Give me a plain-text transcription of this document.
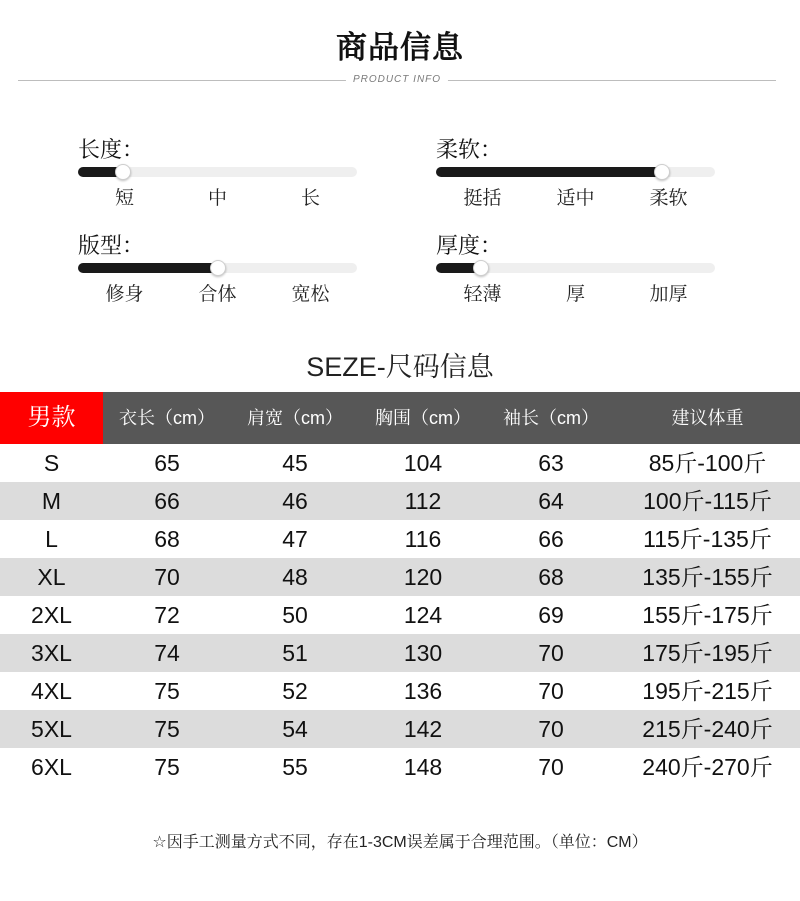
商品信息
PRODUCT INFO
长度：
短	中	长
柔软：
挺括	适中	柔软
版型：
修身	合体	宽松
厚度：
轻薄	厚	加厚
SEZE-尺码信息
男款	衣长（cm）	肩宽（cm）	胸围（cm）	袖长（cm）	建议体重
S	65	45	104	63	85斤-100斤
M	66	46	112	64	100斤-115斤
L	68	47	116	66	115斤-135斤
XL	70	48	120	68	135斤-155斤
2XL	72	50	124	69	155斤-175斤
3XL	74	51	130	70	175斤-195斤
4XL	75	52	136	70	195斤-215斤
5XL	75	54	142	70	215斤-240斤
6XL	75	55	148	70	240斤-270斤

☆因手工测量方式不同，存在1-3CM误差属于合理范围。（单位：CM）
